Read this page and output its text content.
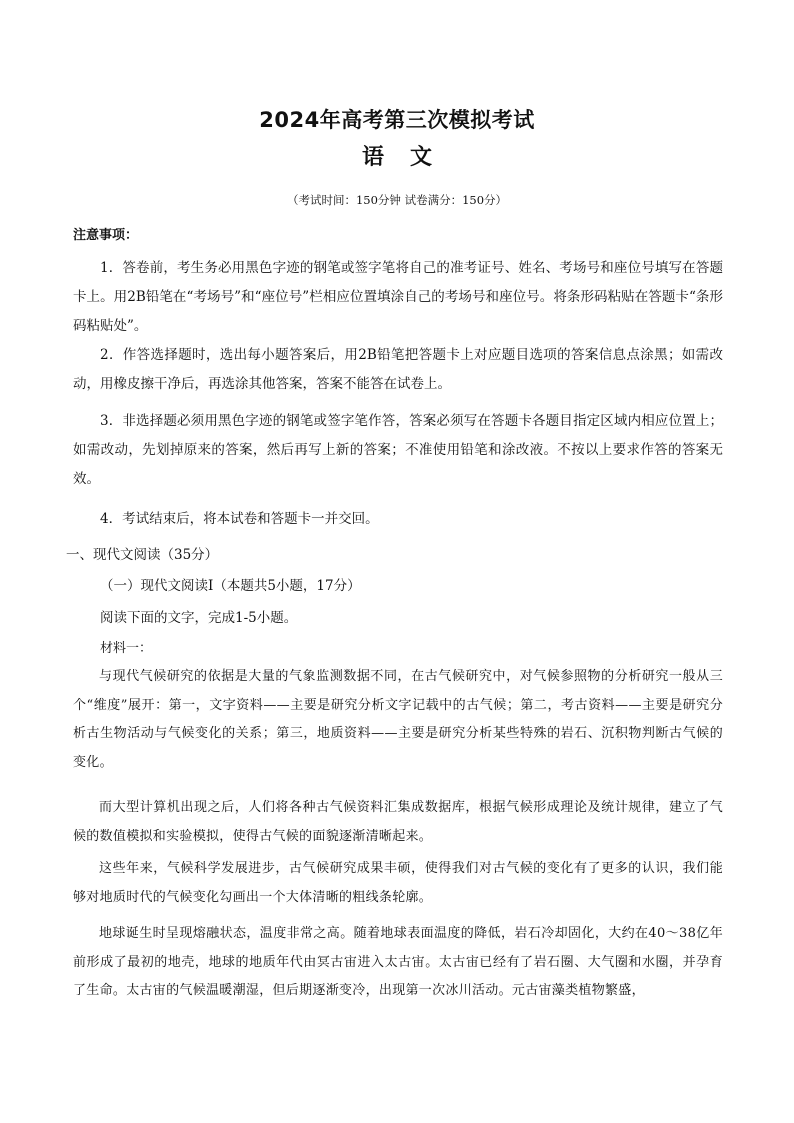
2024年高考第三次模拟考试
语文
（考试时间：150分钟 试卷满分：150分）
注意事项：

1．答卷前，考生务必用黑色字迹的钢笔或签字笔将自己的准考证号、姓名、考场号和座位号填写在答题卡上。用2B铅笔在“考场号”和“座位号”栏相应位置填涂自己的考场号和座位号。将条形码粘贴在答题卡“条形码粘贴处”。

2．作答选择题时，选出每小题答案后，用2B铅笔把答题卡上对应题目选项的答案信息点涂黑；如需改动，用橡皮擦干净后，再选涂其他答案，答案不能答在试卷上。

3．非选择题必须用黑色字迹的钢笔或签字笔作答，答案必须写在答题卡各题目指定区域内相应位置上；如需改动，先划掉原来的答案，然后再写上新的答案；不准使用铅笔和涂改液。不按以上要求作答的答案无效。

4．考试结束后，将本试卷和答题卡一并交回。

一、现代文阅读（35分）
（一）现代文阅读Ⅰ（本题共5小题，17分）
阅读下面的文字，完成1-5小题。
材料一：

与现代气候研究的依据是大量的气象监测数据不同，在古气候研究中，对气候参照物的分析研究一般从三个“维度”展开：第一，文字资料——主要是研究分析文字记载中的古气候；第二，考古资料——主要是研究分析古生物活动与气候变化的关系；第三，地质资料——主要是研究分析某些特殊的岩石、沉积物判断古气候的变化。

而大型计算机出现之后，人们将各种古气候资料汇集成数据库，根据气候形成理论及统计规律，建立了气候的数值模拟和实验模拟，使得古气候的面貌逐渐清晰起来。

这些年来，气候科学发展进步，古气候研究成果丰硕，使得我们对古气候的变化有了更多的认识，我们能够对地质时代的气候变化勾画出一个大体清晰的粗线条轮廓。

地球诞生时呈现熔融状态，温度非常之高。随着地球表面温度的降低，岩石冷却固化，大约在40～38亿年前形成了最初的地壳，地球的地质年代由冥古宙进入太古宙。太古宙已经有了岩石圈、大气圈和水圈，并孕育了生命。太古宙的气候温暖潮湿，但后期逐渐变冷，出现第一次冰川活动。元古宙藻类植物繁盛，
